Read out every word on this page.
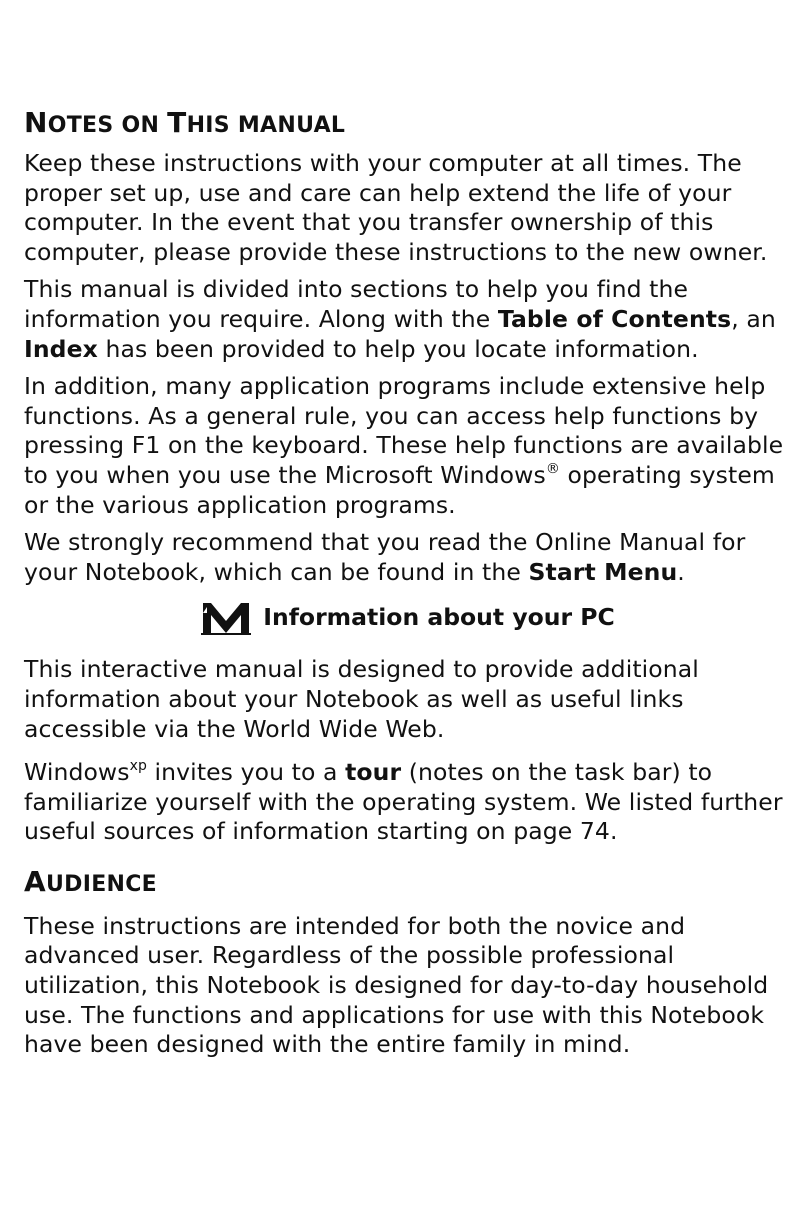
NOTES ON THIS MANUAL

Keep these instructions with your computer at all times. The proper set up, use and care can help extend the life of your computer. In the event that you transfer ownership of this computer, please provide these instructions to the new owner.

This manual is divided into sections to help you find the information you require. Along with the Table of Contents, an Index has been provided to help you locate information.

In addition, many application programs include extensive help functions. As a general rule, you can access help functions by pressing F1 on the keyboard. These help functions are available to you when you use the Microsoft Windows® operating system or the various application programs.

We strongly recommend that you read the Online Manual for your Notebook, which can be found in the Start Menu.

Information about your PC

This interactive manual is designed to provide additional information about your Notebook as well as useful links accessible via the World Wide Web.

Windows$^{xp}$ invites you to a tour (notes on the task bar) to familiarize yourself with the operating system. We listed further useful sources of information starting on page 74.

AUDIENCE

These instructions are intended for both the novice and advanced user. Regardless of the possible professional utilization, this Notebook is designed for day-to-day household use. The functions and applications for use with this Notebook have been designed with the entire family in mind.
